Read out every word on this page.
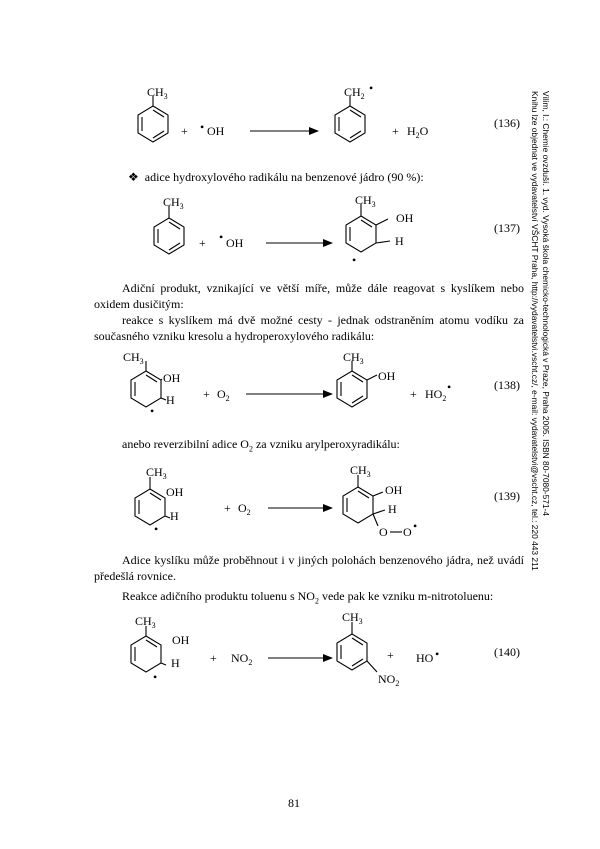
Vilím, I.: Chemie ovzduší. 1. vyd. Vysoká škola chemicko-technologická v Praze, Praha 2005. ISBN 80-7080-571-4
Knihu lze objednat ve vydavatelství VŠCHT Praha, http://vydavatelstvi.vscht.cz/, e-mail: vydavatelstvi@vscht.cz, tel.: 220 443 211
$CH_3$
+ • OH
$CH_2$
•
+ $H_2O$
$CH_3$
+ • OH
$CH_3$
OH
H
•
$CH_3$
OH
H
•
+ $O_2$
$CH_3$
OH
+ $HO_2$
•
$CH_3$
OH
H
•
+ $O_2$
$CH_3$
OH
H
O O •
$CH_3$
OH
H
•
+ $NO_2$
$CH_3$
$NO_2$
+ HO •
(136)
(137)
(138)
(139)
(140)
❖ adice hydroxylového radikálu na benzenové jádro (90 %):
Adiční produkt, vznikající ve větší míře, může dále reagovat s kyslíkem nebo oxidem dusičitým:
reakce s kyslíkem má dvě možné cesty - jednak odstraněním atomu vodíku za současného vzniku kresolu a hydroperoxylového radikálu:
anebo reverzibilní adice $O_2$ za vzniku arylperoxyradikálu:
Adice kyslíku může proběhnout i v jiných polohách benzenového jádra, než uvádí předešlá rovnice.
Reakce adičního produktu toluenu s $NO_2$ vede pak ke vzniku m-nitrotoluenu:
81
